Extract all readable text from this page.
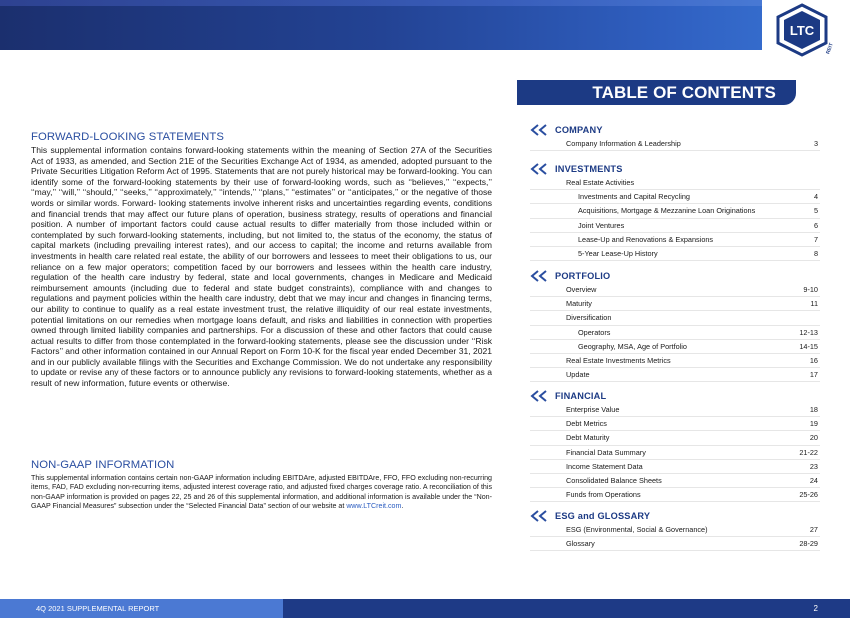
LTC
REIT
TABLE OF CONTENTS
FORWARD-LOOKING STATEMENTS

This supplemental information contains forward-looking statements within the meaning of Section 27A of the Securities Act of 1933, as amended, and Section 21E of the Securities Exchange Act of 1934, as amended, adopted pursuant to the Private Securities Litigation Reform Act of 1995. Statements that are not purely historical may be forward-looking. You can identify some of the forward-looking statements by their use of forward-looking words, such as ‘‘believes,’’ ‘‘expects,’’ ‘‘may,’’ ‘‘will,’’ ‘‘should,’’ ‘‘seeks,’’ ‘‘approximately,’’ ‘‘intends,’’ ‘‘plans,’’ ‘‘estimates’’ or ‘‘anticipates,’’ or the negative of those words or similar words. Forward- looking statements involve inherent risks and uncertainties regarding events, conditions and financial trends that may affect our future plans of operation, business strategy, results of operations and financial position. A number of important factors could cause actual results to differ materially from those included within or contemplated by such forward-looking statements, including, but not limited to, the status of the economy, the status of capital markets (including prevailing interest rates), and our access to capital; the income and returns available from investments in health care related real estate, the ability of our borrowers and lessees to meet their obligations to us, our reliance on a few major operators; competition faced by our borrowers and lessees within the health care industry, regulation of the health care industry by federal, state and local governments, changes in Medicare and Medicaid reimbursement amounts (including due to federal and state budget constraints), compliance with and changes to regulations and payment policies within the health care industry, debt that we may incur and changes in financing terms, our ability to continue to qualify as a real estate investment trust, the relative illiquidity of our real estate investments, potential limitations on our remedies when mortgage loans default, and risks and liabilities in connection with properties owned through limited liability companies and partnerships. For a discussion of these and other factors that could cause actual results to differ from those contemplated in the forward-looking statements, please see the discussion under ‘‘Risk Factors’’ and other information contained in our Annual Report on Form 10-K for the fiscal year ended December 31, 2021 and in our publicly available filings with the Securities and Exchange Commission. We do not undertake any responsibility to update or revise any of these factors or to announce publicly any revisions to forward-looking statements, whether as a result of new information, future events or otherwise.

NON-GAAP INFORMATION

This supplemental information contains certain non-GAAP information including EBITDAre, adjusted EBITDAre, FFO, FFO excluding non-recurring items, FAD, FAD excluding non-recurring items, adjusted interest coverage ratio, and adjusted fixed charges coverage ratio. A reconciliation of this non-GAAP information is provided on pages 22, 25 and 26 of this supplemental information, and additional information is available under the “Non-GAAP Financial Measures” subsection under the “Selected Financial Data” section of our website at www.LTCreit.com.

COMPANY
Company Information & Leadership	3
INVESTMENTS
Real Estate Activities
Investments and Capital Recycling	4
Acquisitions, Mortgage & Mezzanine Loan Originations	5
Joint Ventures	6
Lease-Up and Renovations & Expansions	7
5-Year Lease-Up History	8
PORTFOLIO
Overview	9-10
Maturity	11
Diversification
Operators	12-13
Geography, MSA, Age of Portfolio	14-15
Real Estate Investments Metrics	16
Update	17
FINANCIAL
Enterprise Value	18
Debt Metrics	19
Debt Maturity	20
Financial Data Summary	21-22
Income Statement Data	23
Consolidated Balance Sheets	24
Funds from Operations	25-26
ESG and GLOSSARY
ESG (Environmental, Social & Governance)	27
Glossary	28-29
4Q 2021 SUPPLEMENTAL REPORT	2
